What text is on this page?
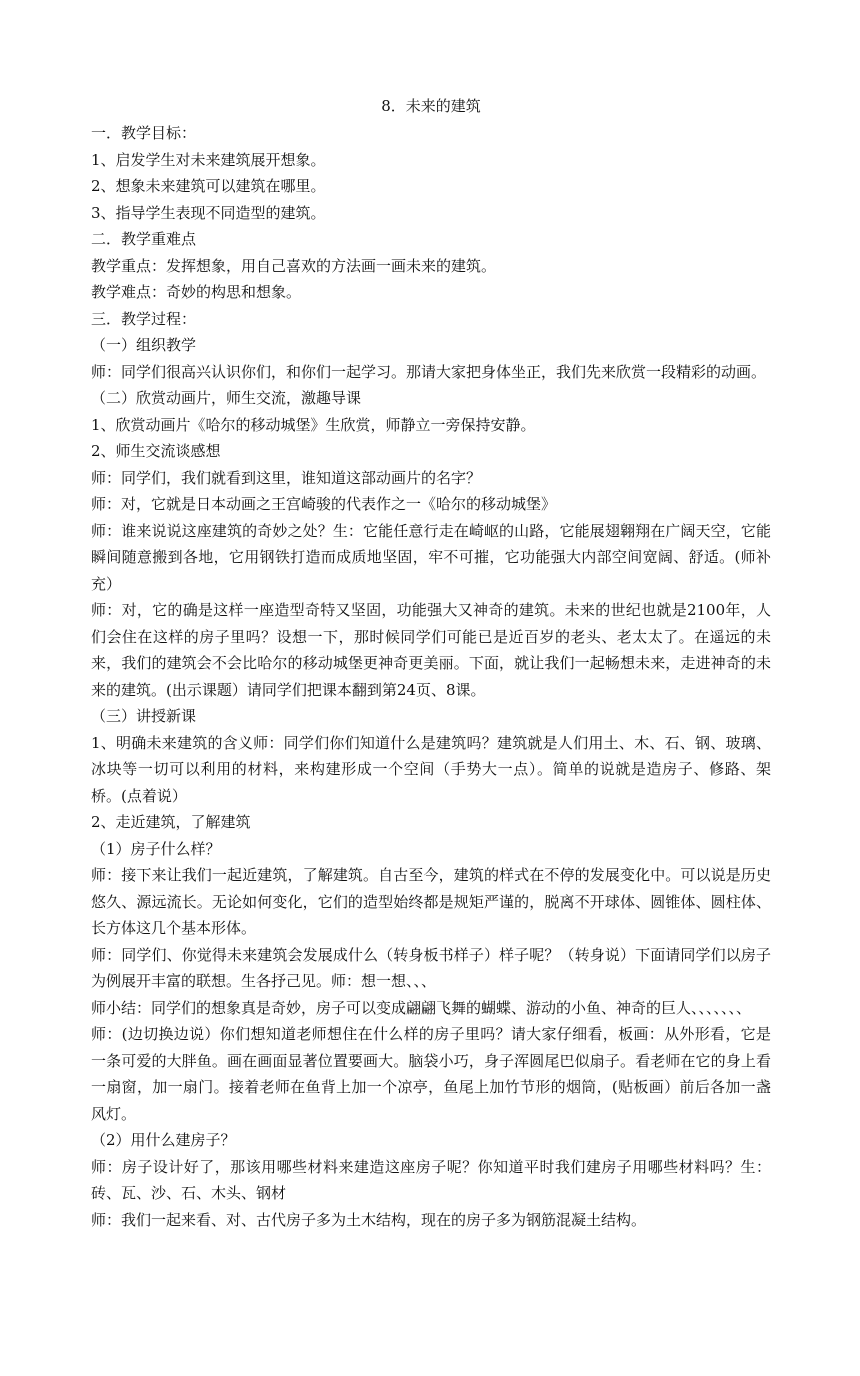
8．未来的建筑

一．教学目标：

1、启发学生对未来建筑展开想象。

2、想象未来建筑可以建筑在哪里。

3、指导学生表现不同造型的建筑。

二．教学重难点

教学重点：发挥想象，用自己喜欢的方法画一画未来的建筑。

教学难点：奇妙的构思和想象。

三．教学过程：

（一）组织教学

师：同学们很高兴认识你们，和你们一起学习。那请大家把身体坐正，我们先来欣赏一段精彩的动画。

（二）欣赏动画片，师生交流，激趣导课

1、欣赏动画片《哈尔的移动城堡》生欣赏，师静立一旁保持安静。

2、师生交流谈感想

师：同学们，我们就看到这里，谁知道这部动画片的名字？

师：对，它就是日本动画之王宫崎骏的代表作之一《哈尔的移动城堡》

师：谁来说说这座建筑的奇妙之处？生：它能任意行走在崎岖的山路，它能展翅翱翔在广阔天空，它能瞬间随意搬到各地，它用钢铁打造而成质地坚固，牢不可摧，它功能强大内部空间宽阔、舒适。(师补充）

师：对，它的确是这样一座造型奇特又坚固，功能强大又神奇的建筑。未来的世纪也就是2100年，人们会住在这样的房子里吗？设想一下，那时候同学们可能已是近百岁的老头、老太太了。在遥远的未来，我们的建筑会不会比哈尔的移动城堡更神奇更美丽。下面，就让我们一起畅想未来，走进神奇的未来的建筑。(出示课题）请同学们把课本翻到第24页、8课。

（三）讲授新课

1、明确未来建筑的含义师：同学们你们知道什么是建筑吗？建筑就是人们用土、木、石、钢、玻璃、冰块等一切可以利用的材料，来构建形成一个空间（手势大一点）。简单的说就是造房子、修路、架桥。(点着说）

2、走近建筑，了解建筑

（1）房子什么样？

师：接下来让我们一起近建筑，了解建筑。自古至今，建筑的样式在不停的发展变化中。可以说是历史悠久、源远流长。无论如何变化，它们的造型始终都是规矩严谨的，脱离不开球体、圆锥体、圆柱体、长方体这几个基本形体。

师：同学们、你觉得未来建筑会发展成什么（转身板书样子）样子呢？（转身说）下面请同学们以房子为例展开丰富的联想。生各抒己见。师：想一想、、、

师小结：同学们的想象真是奇妙，房子可以变成翩翩飞舞的蝴蝶、游动的小鱼、神奇的巨人、、、、、、、

师：(边切换边说）你们想知道老师想住在什么样的房子里吗？请大家仔细看，板画：从外形看，它是一条可爱的大胖鱼。画在画面显著位置要画大。脑袋小巧，身子浑圆尾巴似扇子。看老师在它的身上看一扇窗，加一扇门。接着老师在鱼背上加一个凉亭，鱼尾上加竹节形的烟筒，(贴板画）前后各加一盏风灯。

（2）用什么建房子？

师：房子设计好了，那该用哪些材料来建造这座房子呢？你知道平时我们建房子用哪些材料吗？生：砖、瓦、沙、石、木头、钢材

师：我们一起来看、对、古代房子多为土木结构，现在的房子多为钢筋混凝土结构。
